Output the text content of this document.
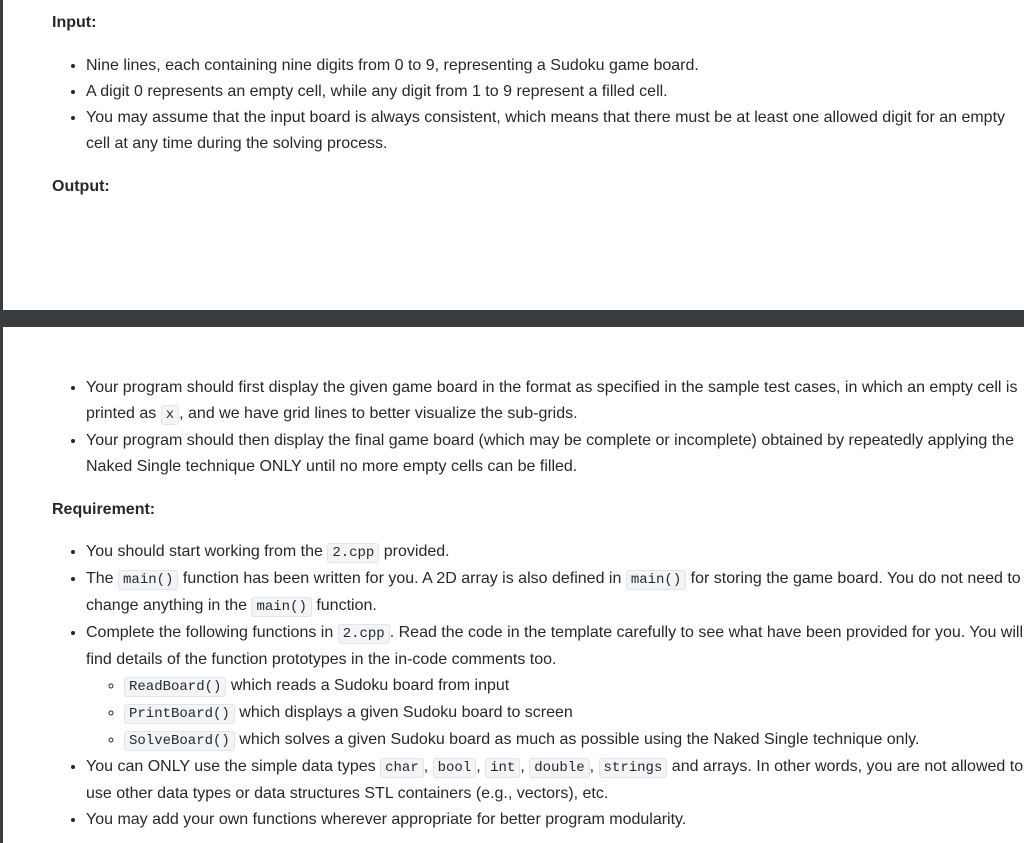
Input:
• Nine lines, each containing nine digits from 0 to 9, representing a Sudoku game board.
• A digit 0 represents an empty cell, while any digit from 1 to 9 represent a filled cell.
• You may assume that the input board is always consistent, which means that there must be at least one allowed digit for an empty cell at any time during the solving process.
Output:
• Your program should first display the given game board in the format as specified in the sample test cases, in which an empty cell is printed as x , and we have grid lines to better visualize the sub-grids.
• Your program should then display the final game board (which may be complete or incomplete) obtained by repeatedly applying the Naked Single technique ONLY until no more empty cells can be filled.
Requirement:
• You should start working from the 2.cpp provided.
• The main() function has been written for you. A 2D array is also defined in main() for storing the game board. You do not need to change anything in the main() function.
• Complete the following functions in 2.cpp . Read the code in the template carefully to see what have been provided for you. You will find details of the function prototypes in the in-code comments too.
◦ ReadBoard() which reads a Sudoku board from input
◦ PrintBoard() which displays a given Sudoku board to screen
◦ SolveBoard() which solves a given Sudoku board as much as possible using the Naked Single technique only.
• You can ONLY use the simple data types char , bool , int , double , strings and arrays. In other words, you are not allowed to use other data types or data structures STL containers (e.g., vectors), etc.
• You may add your own functions wherever appropriate for better program modularity.
